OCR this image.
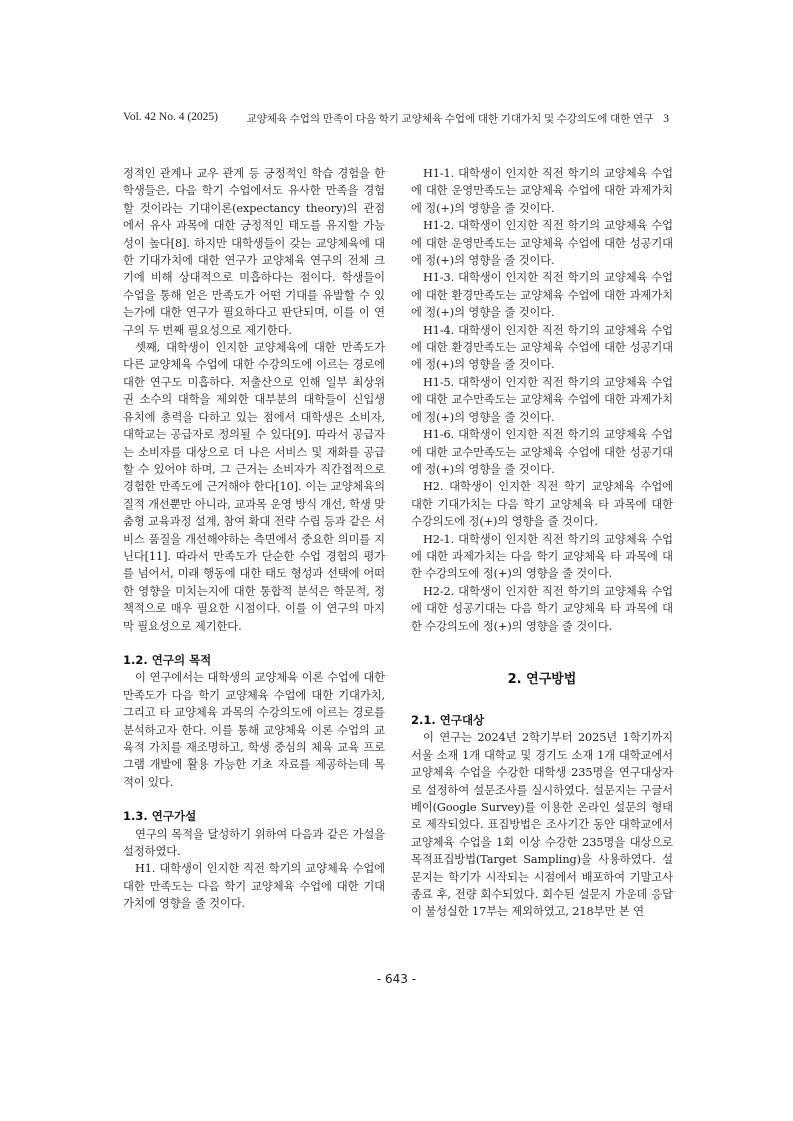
Vol. 42 No. 4 (2025)	교양체육 수업의 만족이 다음 학기 교양체육 수업에 대한 기대가치 및 수강의도에 대한 연구 3

정적인 관계나 교우 관계 등 긍정적인 학습 경험을 한 학생들은, 다음 학기 수업에서도 유사한 만족을 경험할 것이라는 기대이론(expectancy theory)의 관점에서 유사 과목에 대한 긍정적인 태도를 유지할 가능성이 높다[8]. 하지만 대학생들이 갖는 교양체육에 대한 기대가치에 대한 연구가 교양체육 연구의 전체 크기에 비해 상대적으로 미흡하다는 점이다. 학생들이 수업을 통해 얻은 만족도가 어떤 기대를 유발할 수 있는가에 대한 연구가 필요하다고 판단되며, 이를 이 연구의 두 번째 필요성으로 제기한다.

셋째, 대학생이 인지한 교양체육에 대한 만족도가 다른 교양체육 수업에 대한 수강의도에 이르는 경로에 대한 연구도 미흡하다. 저출산으로 인해 일부 최상위권 소수의 대학을 제외한 대부분의 대학들이 신입생 유치에 총력을 다하고 있는 점에서 대학생은 소비자, 대학교는 공급자로 정의될 수 있다[9]. 따라서 공급자는 소비자를 대상으로 더 나은 서비스 및 재화를 공급할 수 있어야 하며, 그 근거는 소비자가 직간접적으로 경험한 만족도에 근거해야 한다[10]. 이는 교양체육의 질적 개선뿐만 아니라, 교과목 운영 방식 개선, 학생 맞춤형 교육과정 설계, 참여 확대 전략 수립 등과 같은 서비스 품질을 개선해야하는 측면에서 중요한 의미를 지닌다[11]. 따라서 만족도가 단순한 수업 경험의 평가를 넘어서, 미래 행동에 대한 태도 형성과 선택에 어떠한 영향을 미치는지에 대한 통합적 분석은 학문적, 정책적으로 매우 필요한 시점이다. 이를 이 연구의 마지막 필요성으로 제기한다.

1.2. 연구의 목적

이 연구에서는 대학생의 교양체육 이론 수업에 대한 만족도가 다음 학기 교양체육 수업에 대한 기대가치, 그리고 타 교양체육 과목의 수강의도에 이르는 경로를 분석하고자 한다. 이를 통해 교양체육 이론 수업의 교육적 가치를 재조명하고, 학생 중심의 체육 교육 프로그램 개발에 활용 가능한 기초 자료를 제공하는데 목적이 있다.

1.3. 연구가설

연구의 목적을 달성하기 위하여 다음과 같은 가설을 설정하였다.

H1. 대학생이 인지한 직전 학기의 교양체육 수업에 대한 만족도는 다음 학기 교양체육 수업에 대한 기대가치에 영향을 줄 것이다.

H1-1. 대학생이 인지한 직전 학기의 교양체육 수업에 대한 운영만족도는 교양체육 수업에 대한 과제가치에 정(+)의 영향을 줄 것이다.

H1-2. 대학생이 인지한 직전 학기의 교양체육 수업에 대한 운영만족도는 교양체육 수업에 대한 성공기대에 정(+)의 영향을 줄 것이다.

H1-3. 대학생이 인지한 직전 학기의 교양체육 수업에 대한 환경만족도는 교양체육 수업에 대한 과제가치에 정(+)의 영향을 줄 것이다.

H1-4. 대학생이 인지한 직전 학기의 교양체육 수업에 대한 환경만족도는 교양체육 수업에 대한 성공기대에 정(+)의 영향을 줄 것이다.

H1-5. 대학생이 인지한 직전 학기의 교양체육 수업에 대한 교수만족도는 교양체육 수업에 대한 과제가치에 정(+)의 영향을 줄 것이다.

H1-6. 대학생이 인지한 직전 학기의 교양체육 수업에 대한 교수만족도는 교양체육 수업에 대한 성공기대에 정(+)의 영향을 줄 것이다.

H2. 대학생이 인지한 직전 학기 교양체육 수업에 대한 기대가치는 다음 학기 교양체육 타 과목에 대한 수강의도에 정(+)의 영향을 줄 것이다.

H2-1. 대학생이 인지한 직전 학기의 교양체육 수업에 대한 과제가치는 다음 학기 교양체육 타 과목에 대한 수강의도에 정(+)의 영향을 줄 것이다.

H2-2. 대학생이 인지한 직전 학기의 교양체육 수업에 대한 성공기대는 다음 학기 교양체육 타 과목에 대한 수강의도에 정(+)의 영향을 줄 것이다.

2. 연구방법
2.1. 연구대상

이 연구는 2024년 2학기부터 2025년 1학기까지 서울 소재 1개 대학교 및 경기도 소재 1개 대학교에서 교양체육 수업을 수강한 대학생 235명을 연구대상자로 설정하여 설문조사를 실시하였다. 설문지는 구글서베이(Google Survey)를 이용한 온라인 설문의 형태로 제작되었다. 표집방법은 조사기간 동안 대학교에서 교양체육 수업을 1회 이상 수강한 235명을 대상으로 목적표집방법(Target Sampling)을 사용하였다. 설문지는 학기가 시작되는 시점에서 배포하여 기말고사 종료 후, 전량 회수되었다. 회수된 설문지 가운데 응답이 불성실한 17부는 제외하였고, 218부만 본 연

- 643 -
